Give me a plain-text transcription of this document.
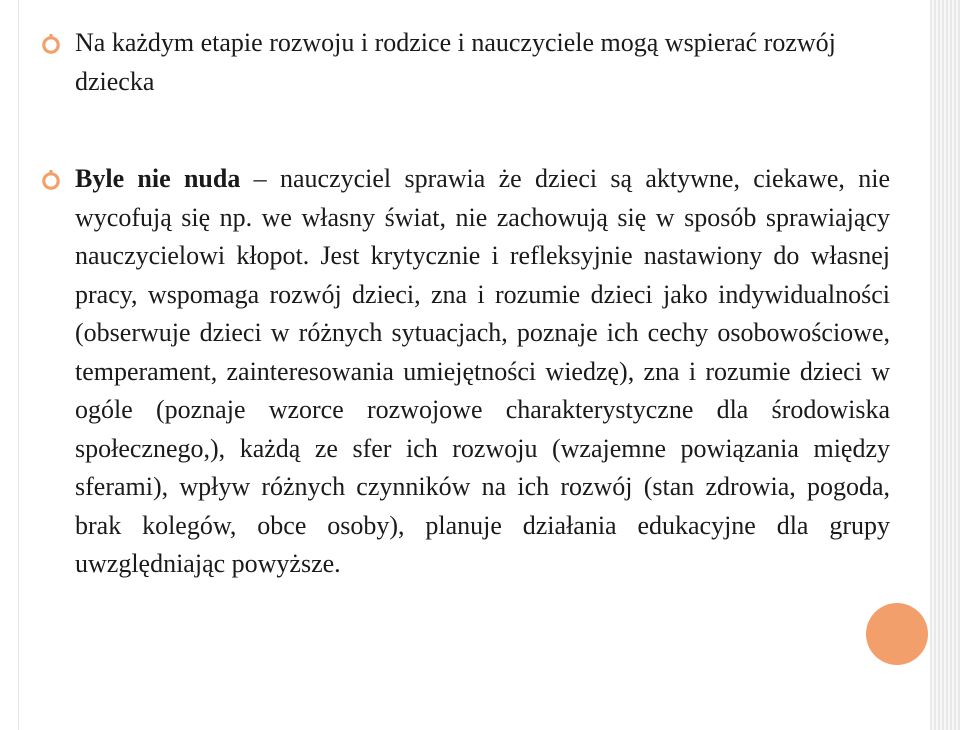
Na każdym etapie rozwoju i rodzice i nauczyciele mogą wspierać rozwój dziecka
Byle nie nuda – nauczyciel sprawia że dzieci są aktywne, ciekawe, nie wycofują się np. we własny świat, nie zachowują się w sposób sprawiający nauczycielowi kłopot. Jest krytycznie i refleksyjnie nastawiony do własnej pracy, wspomaga rozwój dzieci, zna i rozumie dzieci jako indywidualności (obserwuje dzieci w różnych sytuacjach, poznaje ich cechy osobowościowe, temperament, zainteresowania umiejętności wiedzę), zna i rozumie dzieci w ogóle (poznaje wzorce rozwojowe charakterystyczne dla środowiska społecznego,), każdą ze sfer ich rozwoju (wzajemne powiązania między sferami), wpływ różnych czynników na ich rozwój (stan zdrowia, pogoda, brak kolegów, obce osoby), planuje działania edukacyjne dla grupy uwzględniając powyższe.
